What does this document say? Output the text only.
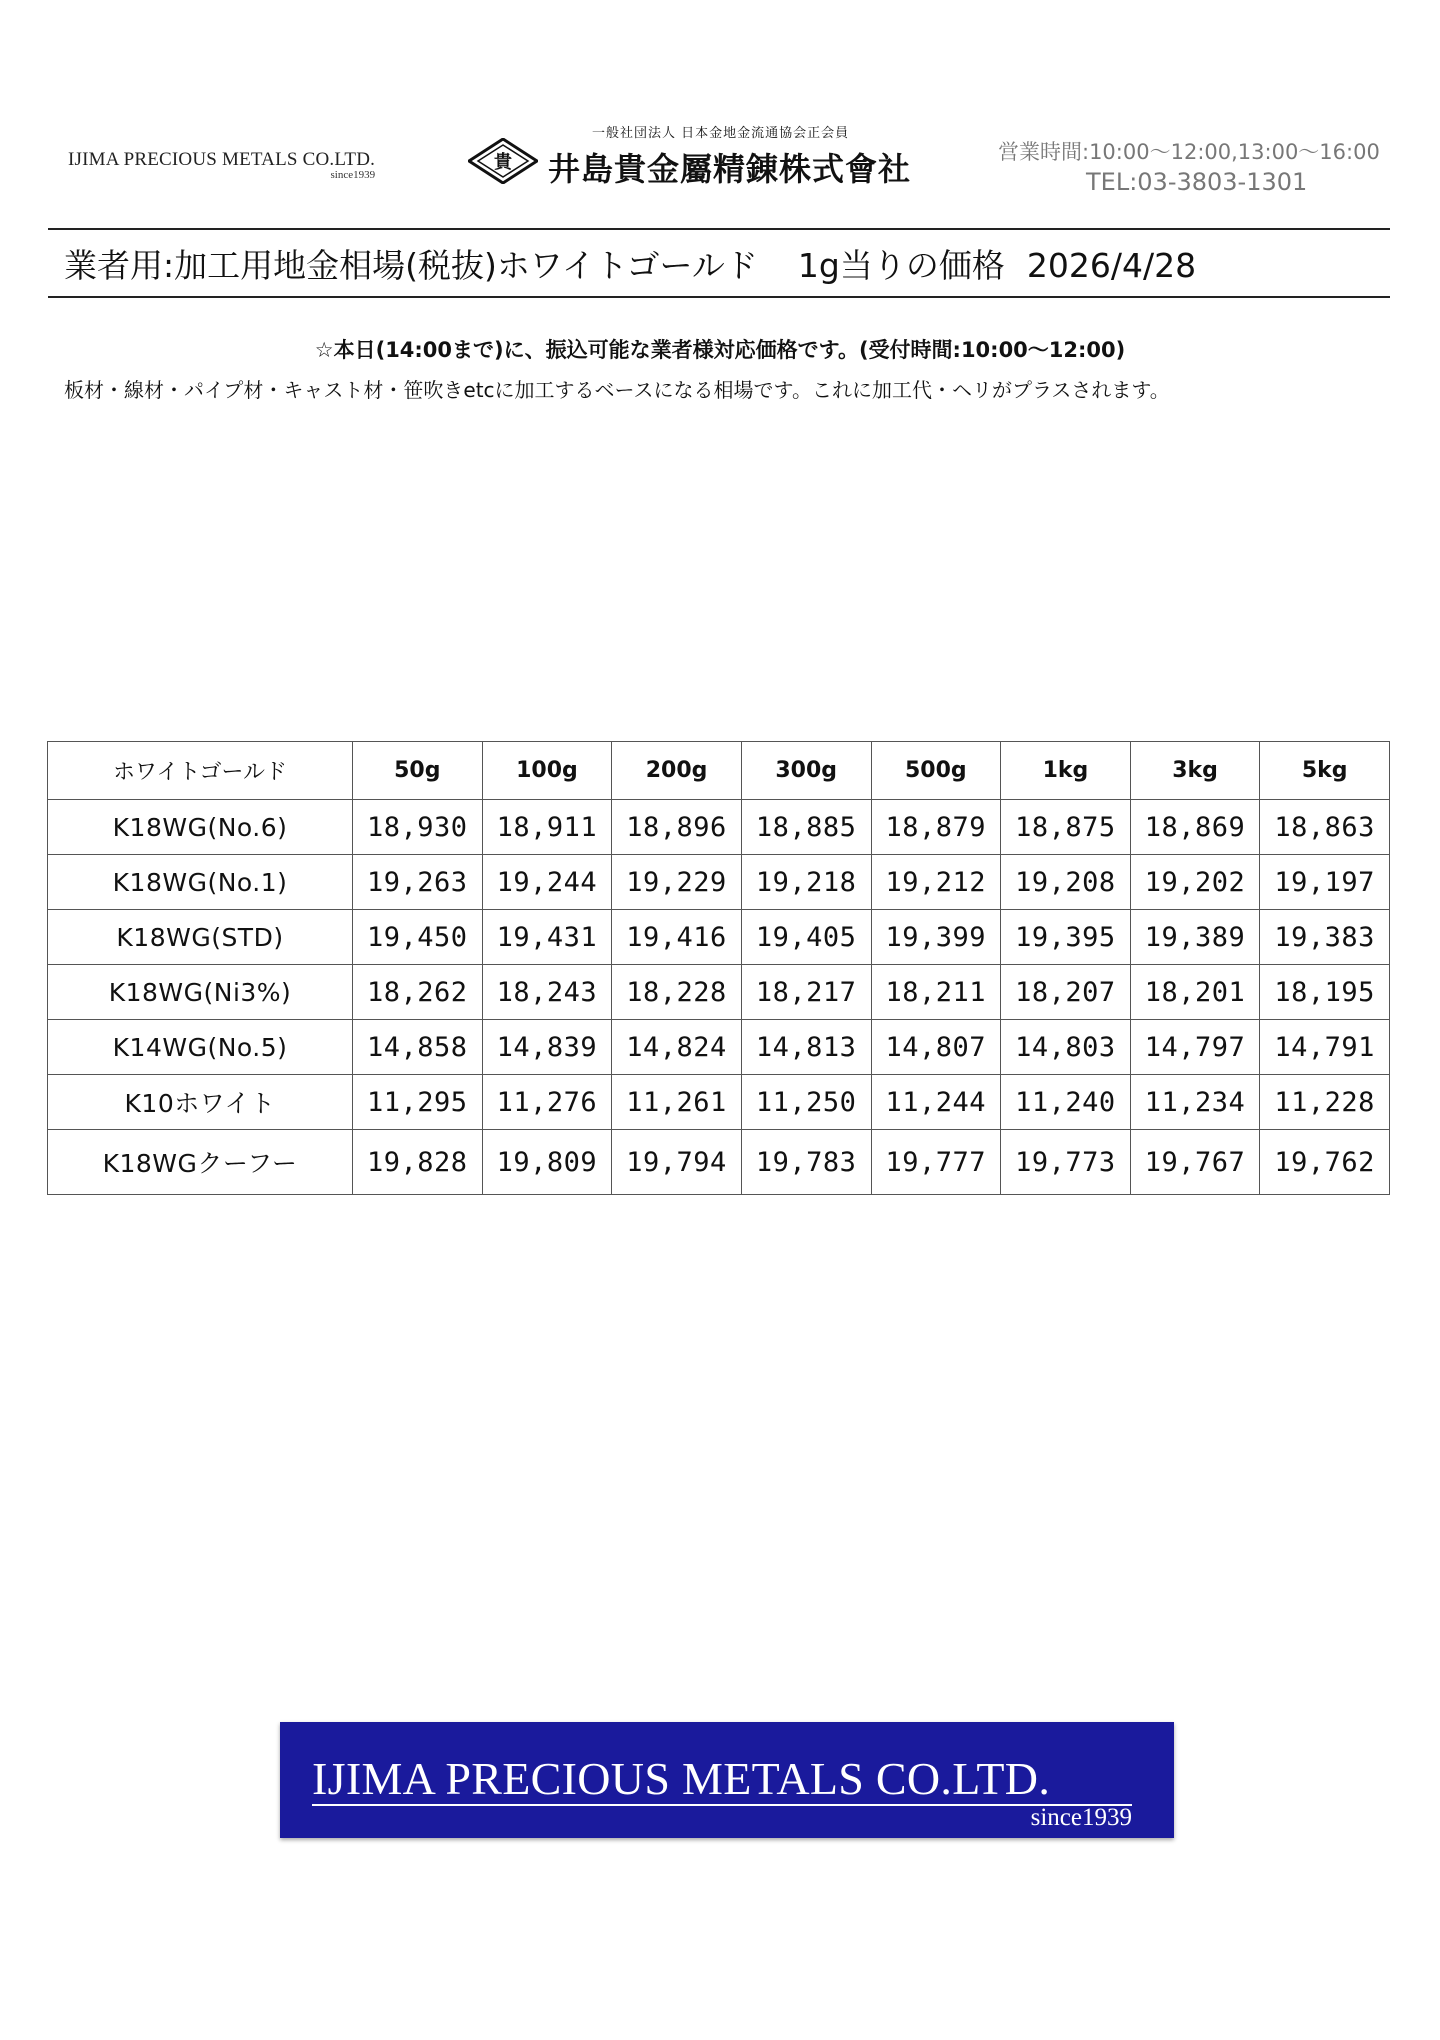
IJIMA PRECIOUS METALS CO.LTD.
since1939
一般社団法人 日本金地金流通協会正会員
貴 井島貴金屬精錬株式會社	営業時間:10:00〜12:00,13:00〜16:00
TEL:03-3803-1301
業者用:加工用地金相場(税抜)ホワイトゴールド 1g当りの価格 2026/4/28
☆本日(14:00まで)に、振込可能な業者様対応価格です。(受付時間:10:00〜12:00)
板材・線材・パイプ材・キャスト材・笹吹きetcに加工するベースになる相場です。これに加工代・ヘリがプラスされます。
ホワイトゴールド	50g	100g	200g	300g	500g	1kg	3kg	5kg
K18WG(No.6)	18,930	18,911	18,896	18,885	18,879	18,875	18,869	18,863
K18WG(No.1)	19,263	19,244	19,229	19,218	19,212	19,208	19,202	19,197
K18WG(STD)	19,450	19,431	19,416	19,405	19,399	19,395	19,389	19,383
K18WG(Ni3%)	18,262	18,243	18,228	18,217	18,211	18,207	18,201	18,195
K14WG(No.5)	14,858	14,839	14,824	14,813	14,807	14,803	14,797	14,791
K10ホワイト	11,295	11,276	11,261	11,250	11,244	11,240	11,234	11,228
K18WGクーフー	19,828	19,809	19,794	19,783	19,777	19,773	19,767	19,762
IJIMA PRECIOUS METALS CO.LTD.
since1939
